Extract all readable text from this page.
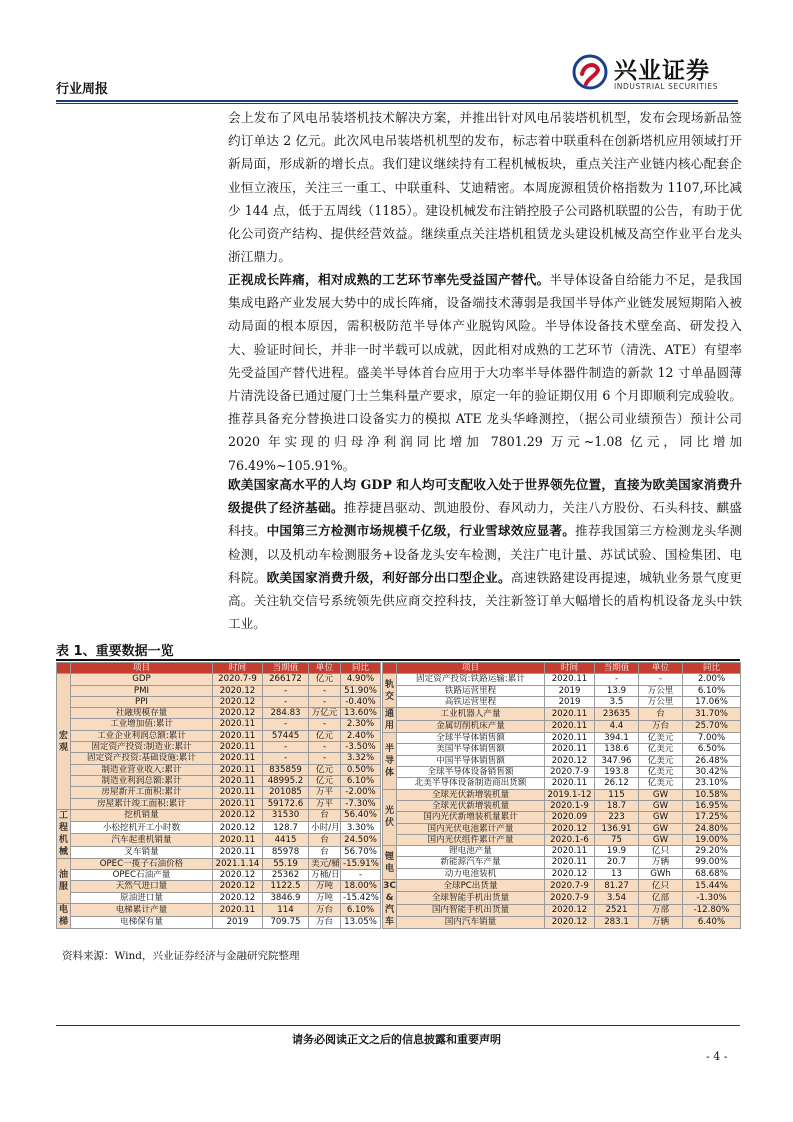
行业周报
兴业证券
INDUSTRIAL SECURITIES

会上发布了风电吊装塔机技术解决方案，并推出针对风电吊装塔机机型，发布会现场新品签约订单达 2 亿元。此次风电吊装塔机机型的发布，标志着中联重科在创新塔机应用领域打开新局面，形成新的增长点。我们建议继续持有工程机械板块，重点关注产业链内核心配套企业恒立液压，关注三一重工、中联重科、艾迪精密。本周庞源租赁价格指数为 1107,环比减少 144 点，低于五周线（1185）。建设机械发布注销控股子公司路机联盟的公告，有助于优化公司资产结构、提供经营效益。继续重点关注塔机租赁龙头建设机械及高空作业平台龙头浙江鼎力。

正视成长阵痛，相对成熟的工艺环节率先受益国产替代。半导体设备自给能力不足，是我国集成电路产业发展大势中的成长阵痛，设备端技术薄弱是我国半导体产业链发展短期陷入被动局面的根本原因，需积极防范半导体产业脱钩风险。半导体设备技术壁垒高、研发投入大、验证时间长，并非一时半载可以成就，因此相对成熟的工艺环节（清洗、ATE）有望率先受益国产替代进程。盛美半导体首台应用于大功率半导体器件制造的新款 12 寸单晶圆薄片清洗设备已通过厦门士兰集科量产要求，原定一年的验证期仅用 6 个月即顺利完成验收。推荐具备充分替换进口设备实力的模拟 ATE 龙头华峰测控，（据公司业绩预告）预计公司 2020 年实现的归母净利润同比增加 7801.29 万元~1.08 亿元，同比增加 76.49%~105.91%。

欧美国家高水平的人均 GDP 和人均可支配收入处于世界领先位置，直接为欧美国家消费升级提供了经济基础。推荐捷昌驱动、凯迪股份、春风动力，关注八方股份、石头科技、麒盛科技。中国第三方检测市场规模千亿级，行业雪球效应显著。推荐我国第三方检测龙头华测检测，以及机动车检测服务+设备龙头安车检测，关注广电计量、苏试试验、国检集团、电科院。欧美国家消费升级，利好部分出口型企业。高速铁路建设再提速，城轨业务景气度更高。关注轨交信号系统领先供应商交控科技，关注新签订单大幅增长的盾构机设备龙头中铁工业。

表 1、重要数据一览
	项目	时间	当期值	单位	同比
宏观	GDP	2020.7-9	266172	亿元	4.90%
	PMI	2020.12	-	-	51.90%
	PPI	2020.12	-	-	-0.40%
	社融规模存量	2020.12	284.83	万亿元	13.60%
	工业增加值:累计	2020.11	-	-	2.30%
	工业企业利润总额:累计	2020.11	57445	亿元	2.40%
	固定资产投资:制造业:累计	2020.11	-	-	-3.50%
	固定资产投资:基础设施:累计	2020.11	-	-	3.32%
	制造业营业收入:累计	2020.11	835859	亿元	0.50%
	制造业利润总额:累计	2020.11	48995.2	亿元	6.10%
	房屋新开工面积:累计	2020.11	201085	万平	-2.00%
	房屋累计竣工面积:累计	2020.11	59172.6	万平	-7.30%
工程机械	挖机销量	2020.12	31530	台	56.40%
	小松挖机开工小时数	2020.12	128.7	小时/月	3.30%
	汽车起重机销量	2020.11	4415	台	24.50%
	叉车销量	2020.11	85978	台	56.70%
油服	OPEC一揽子石油价格	2021.1.14	55.19	美元/桶	-15.91%
	OPEC石油产量	2020.12	25362	万桶/日	-
	天然气进口量	2020.12	1122.5	万吨	18.00%
	原油进口量	2020.12	3846.9	万吨	-15.42%
电梯	电梯累计产量	2020.11	114	万台	6.10%
	电梯保有量	2019	709.75	万台	13.05%
	项目	时间	当期值	单位	同比
轨交	固定资产投资:铁路运输:累计	2020.11	-	-	2.00%
	铁路运营里程	2019	13.9	万公里	6.10%
	高铁运营里程	2019	3.5	万公里	17.06%
通用	工业机器人产量	2020.11	23635	台	31.70%
	金属切削机床产量	2020.11	4.4	万台	25.70%
半导体	全球半导体销售额	2020.11	394.1	亿美元	7.00%
	美国半导体销售额	2020.11	138.6	亿美元	6.50%
	中国半导体销售额	2020.12	347.96	亿美元	26.48%
	全球半导体设备销售额	2020.7-9	193.8	亿美元	30.42%
	北美半导体设备制造商出货额	2020.11	26.12	亿美元	23.10%
光伏	全球光伏新增装机量	2019.1-12	115	GW	10.58%
	全球光伏新增装机量	2020.1-9	18.7	GW	16.95%
	国内光伏新增装机量累计	2020.09	223	GW	17.25%
	国内光伏电池累计产量	2020.12	136.91	GW	24.80%
	国内光伏组件累计产量	2020.1-6	75	GW	19.00%
锂电	锂电池产量	2020.11	19.9	亿只	29.20%
	新能源汽车产量	2020.11	20.7	万辆	99.00%
	动力电池装机	2020.12	13	GWh	68.68%
3C & 汽车	全球PC出货量	2020.7-9	81.27	亿只	15.44%
	全球智能手机出货量	2020.7-9	3.54	亿部	-1.30%
	国内智能手机出货量	2020.12	2521	万部	-12.80%
	国内汽车销量	2020.12	283.1	万辆	6.40%
资料来源：Wind，兴业证券经济与金融研究院整理
请务必阅读正文之后的信息披露和重要声明
- 4 -
